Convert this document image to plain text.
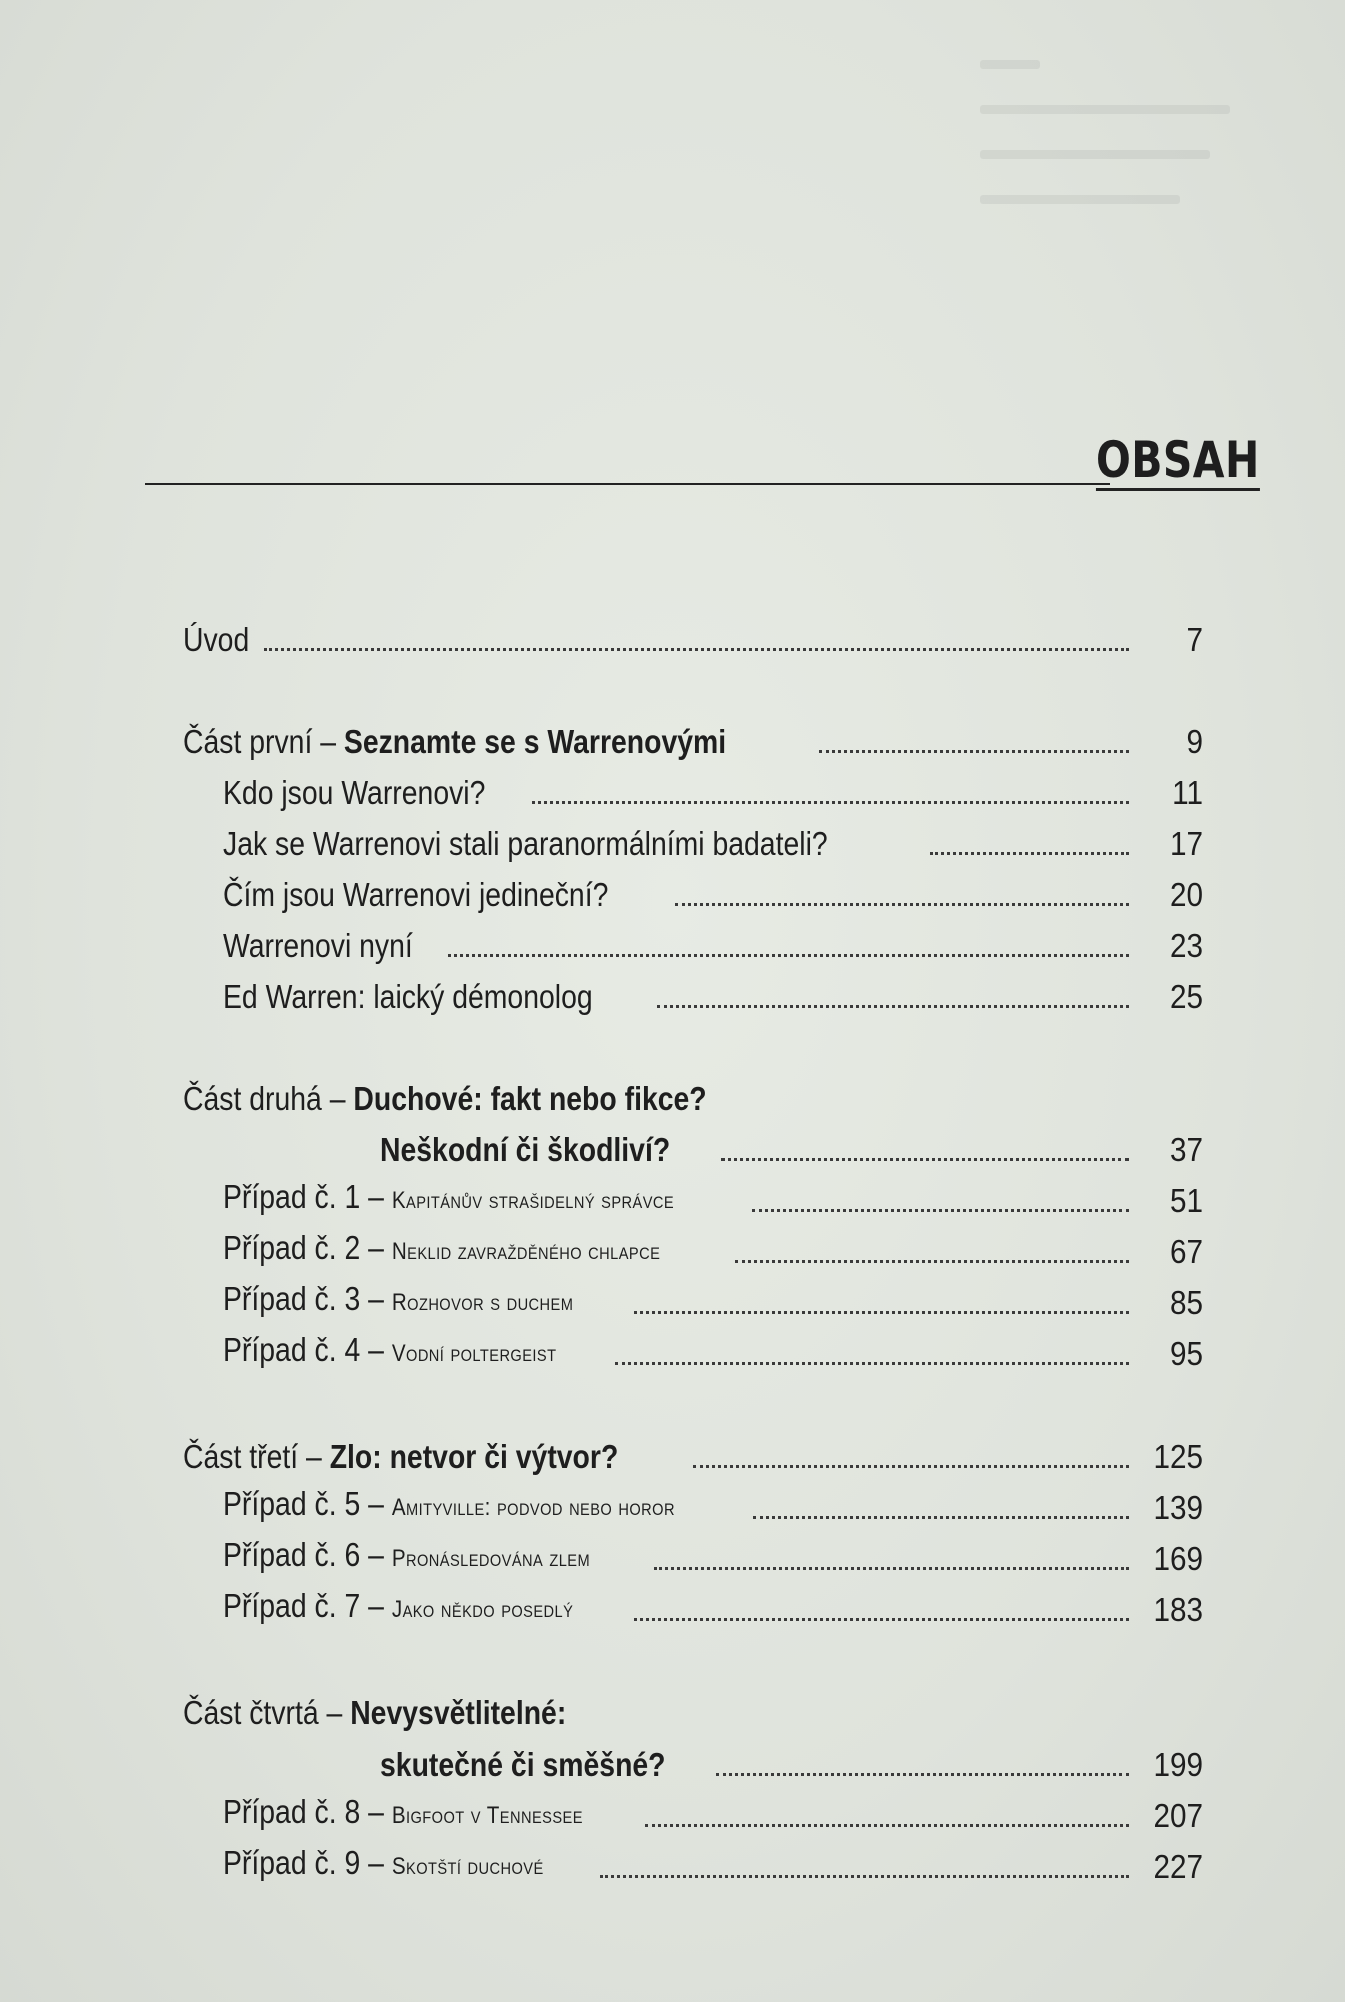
OBSAH
Úvod	7
Část první – Seznamte se s Warrenovými	9
Kdo jsou Warrenovi?	11
Jak se Warrenovi stali paranormálními badateli?	17
Čím jsou Warrenovi jedineční?	20
Warrenovi nyní	23
Ed Warren: laický démonolog	25
Část druhá – Duchové: fakt nebo fikce?
Neškodní či škodliví?	37
Případ č. 1 – Kapitánův strašidelný správce	51
Případ č. 2 – Neklid zavražděného chlapce	67
Případ č. 3 – Rozhovor s duchem	85
Případ č. 4 – Vodní poltergeist	95
Část třetí – Zlo: netvor či výtvor?	125
Případ č. 5 – Amityville: podvod nebo horor	139
Případ č. 6 – Pronásledována zlem	169
Případ č. 7 – Jako někdo posedlý	183
Část čtvrtá – Nevysvětlitelné:
skutečné či směšné?	199
Případ č. 8 – Bigfoot v Tennessee	207
Případ č. 9 – Skotští duchové	227
